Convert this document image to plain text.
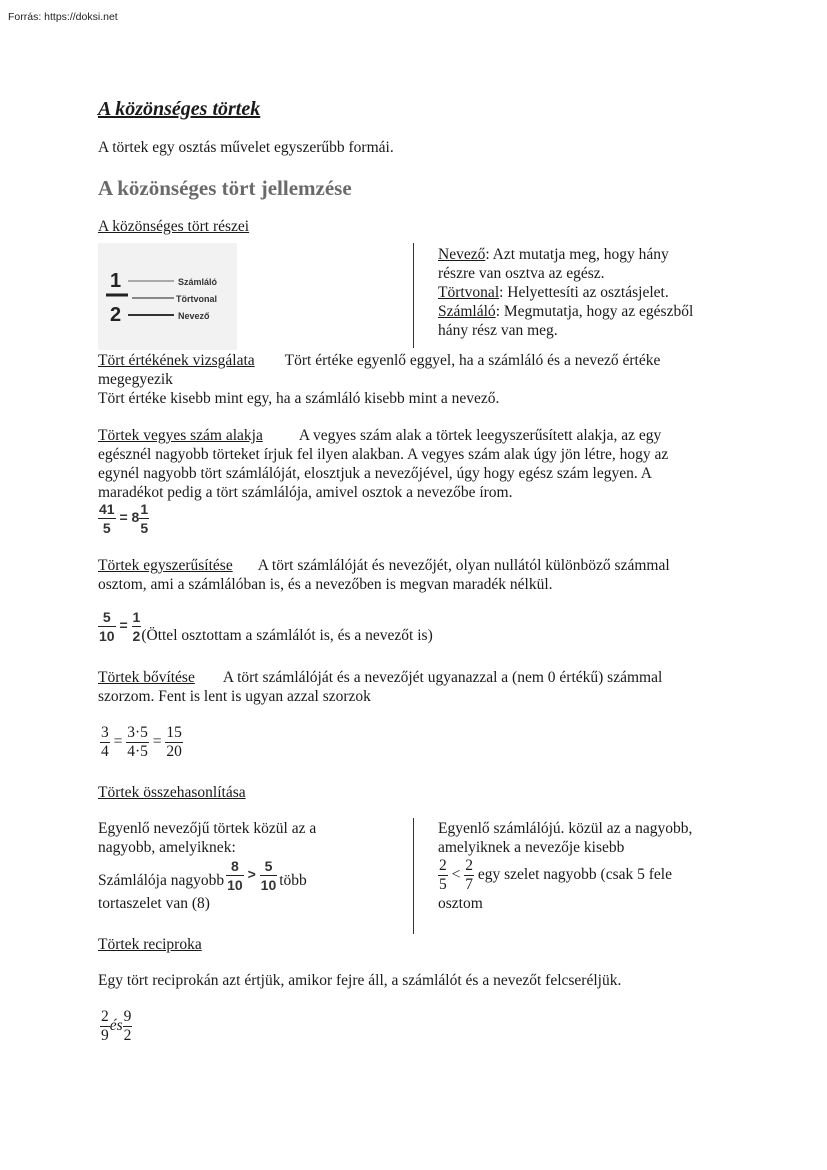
Forrás: https://doksi.net
A közönséges törtek
A törtek egy osztás művelet egyszerűbb formái.
A közönséges tört jellemzése
A közönséges tört részei
1
2
Számláló
Törtvonal
Nevező
Nevező: Azt mutatja meg, hogy hány
részre van osztva az egész.
Törtvonal: Helyettesíti az osztásjelet.
Számláló: Megmutatja, hogy az egészből
hány rész van meg.
Tört értékének vizsgálata Tört értéke egyenlő eggyel, ha a számláló és a nevező értéke
megegyezik
Tört értéke kisebb mint egy, ha a számláló kisebb mint a nevező.
Törtek vegyes szám alakja A vegyes szám alak a törtek leegyszerűsített alakja, az egy
egésznél nagyobb törteket írjuk fel ilyen alakban. A vegyes szám alak úgy jön létre, hogy az
egynél nagyobb tört számlálóját, elosztjuk a nevezőjével, úgy hogy egész szám legyen. A
maradékot pedig a tört számlálója, amivel osztok a nevezőbe írom.
$\frac{41}{5} = 8 \frac{1}{5}$
Törtek egyszerűsítése A tört számlálóját és nevezőjét, olyan nullától különböző számmal
osztom, ami a számlálóban is, és a nevezőben is megvan maradék nélkül.
$\frac{5}{10} = \frac{1}{2}$ (Öttel osztottam a számlálót is, és a nevezőt is)
Törtek bővítése A tört számlálóját és a nevezőjét ugyanazzal a (nem 0 értékű) számmal
szorzom. Fent is lent is ugyan azzal szorzok
$\frac{3}{4} = \frac{3\cdot 5}{4\cdot 5} = \frac{15}{20}$
Törtek összehasonlítása
Egyenlő nevezőjű törtek közül az a
nagyobb, amelyiknek:
Számlálója nagyobb $\frac{8}{10} > \frac{5}{10}$ több
tortaszelet van (8)
Egyenlő számlálójú. közül az a nagyobb,
amelyiknek a nevezője kisebb
$\frac{2}{5} < \frac{2}{7}$ egy szelet nagyobb (csak 5 fele
osztom
Törtek reciproka
Egy tört reciprokán azt értjük, amikor fejre áll, a számlálót és a nevezőt felcseréljük.
$\frac{2}{9}$ és $\frac{9}{2}$
